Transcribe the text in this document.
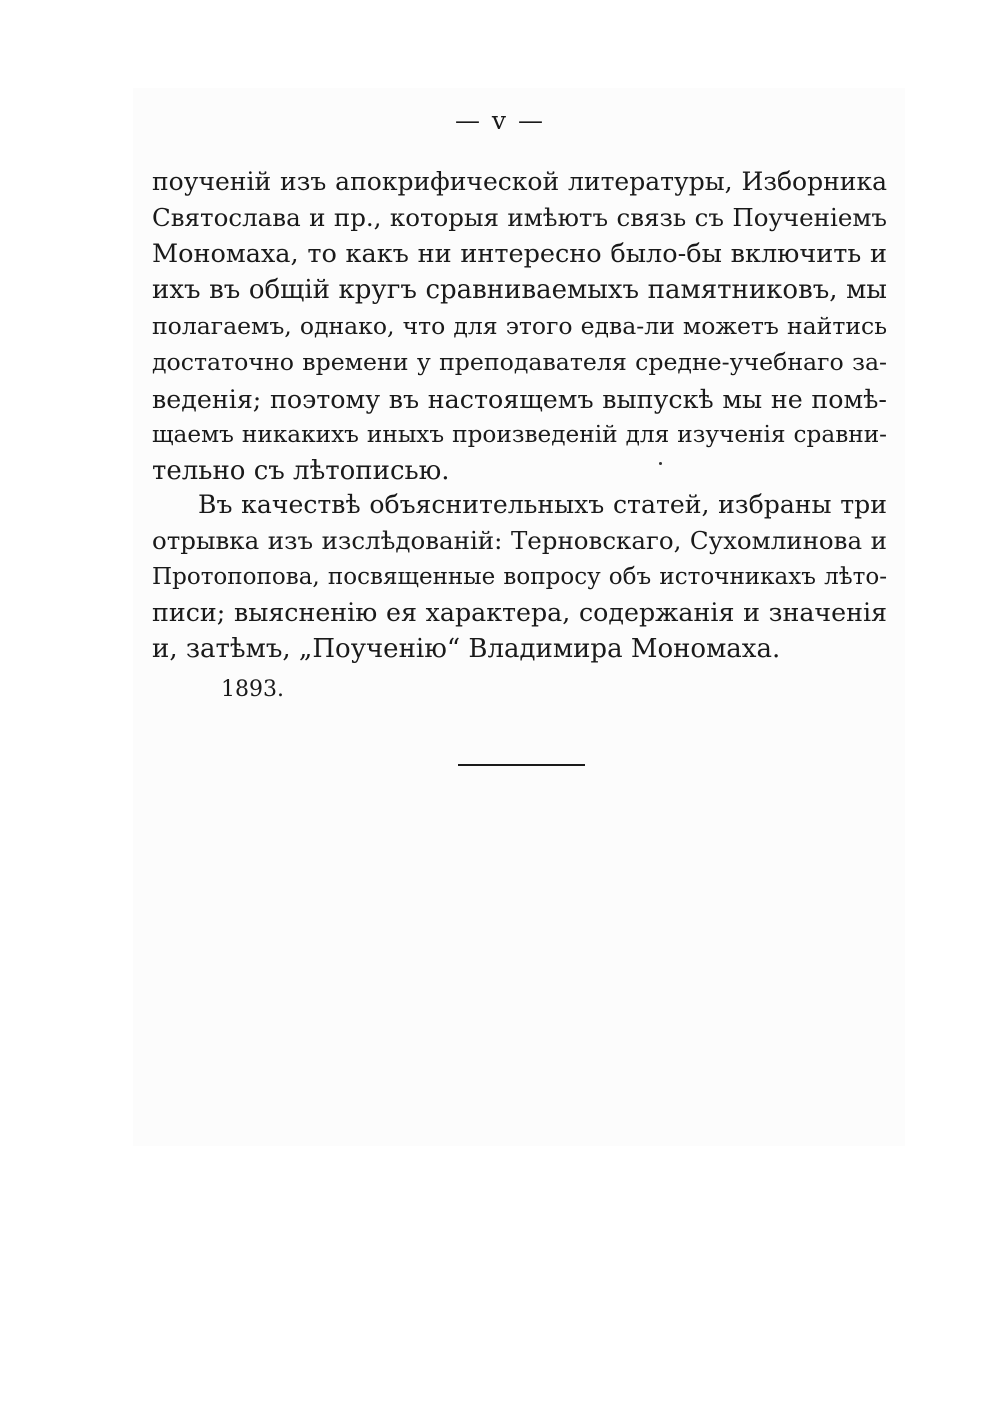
— v —
поученій изъ апокрифической литературы, Изборника
Святослава и пр., которыя имѣютъ связь съ Поученіемъ
Мономаха, то какъ ни интересно было-бы включить и
ихъ въ общій кругъ сравниваемыхъ памятниковъ, мы
полагаемъ, однако, что для этого едва-ли можетъ найтись
достаточно времени у преподавателя средне-учебнаго за-
веденія; поэтому въ настоящемъ выпускѣ мы не помѣ-
щаемъ никакихъ иныхъ произведеній для изученія сравни-
тельно съ лѣтописью.
Въ качествѣ объяснительныхъ статей, избраны три
отрывка изъ изслѣдованій: Терновскаго, Сухомлинова и
Протопопова, посвященные вопросу объ источникахъ лѣто-
писи; выясненію ея характера, содержанія и значенія
и, затѣмъ, „Поученію“ Владимира Мономаха.
1893.
